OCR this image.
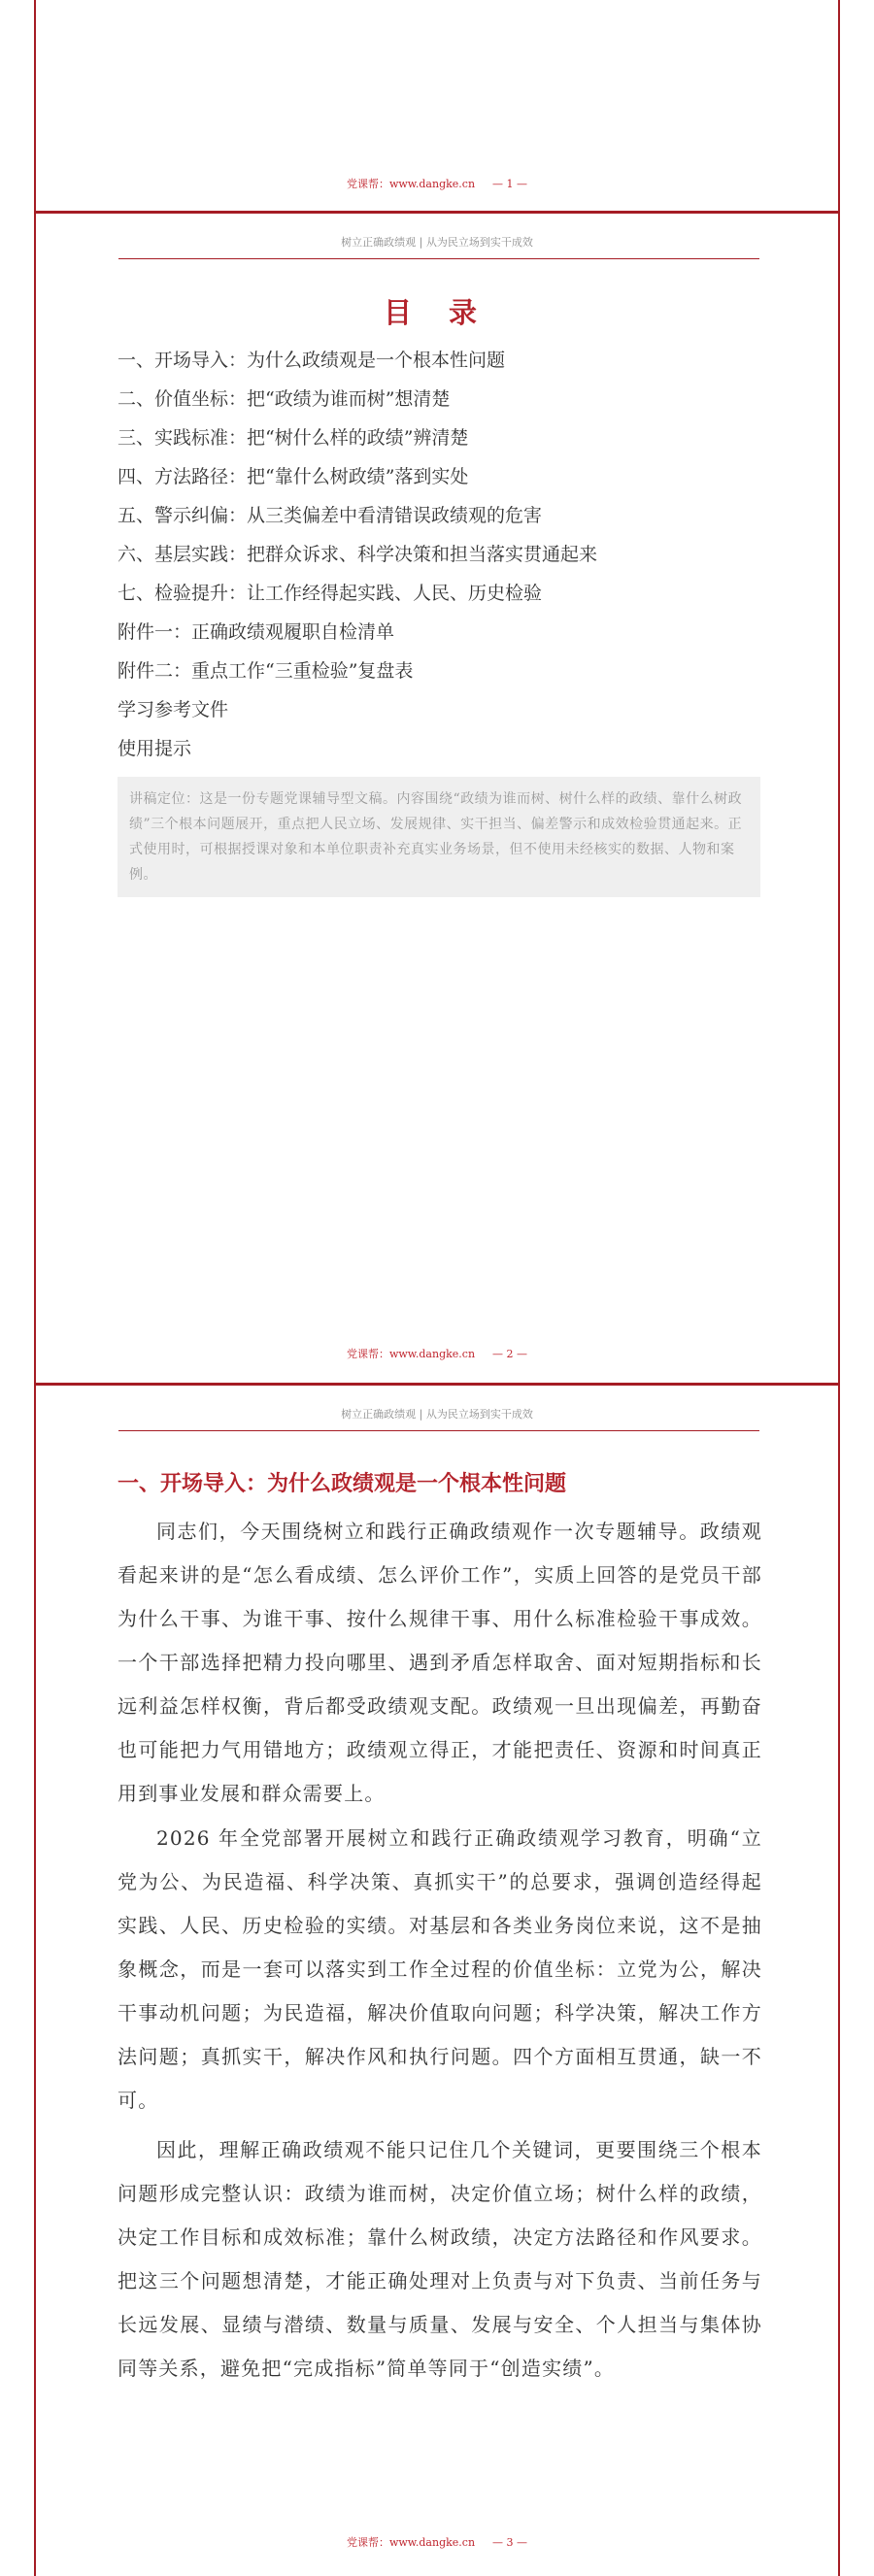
党课帮：www.dangke.cn — 1 —
树立正确政绩观 | 从为民立场到实干成效
目 录
一、开场导入：为什么政绩观是一个根本性问题
二、价值坐标：把“政绩为谁而树”想清楚
三、实践标准：把“树什么样的政绩”辨清楚
四、方法路径：把“靠什么树政绩”落到实处
五、警示纠偏：从三类偏差中看清错误政绩观的危害
六、基层实践：把群众诉求、科学决策和担当落实贯通起来
七、检验提升：让工作经得起实践、人民、历史检验
附件一：正确政绩观履职自检清单
附件二：重点工作“三重检验”复盘表
学习参考文件
使用提示
讲稿定位：这是一份专题党课辅导型文稿。内容围绕“政绩为谁而树、树什么样的政绩、靠什么树政绩”三个根本问题展开，重点把人民立场、发展规律、实干担当、偏差警示和成效检验贯通起来。正式使用时，可根据授课对象和本单位职责补充真实业务场景，但不使用未经核实的数据、人物和案例。
党课帮：www.dangke.cn — 2 —
树立正确政绩观 | 从为民立场到实干成效
一、开场导入：为什么政绩观是一个根本性问题
同志们，今天围绕树立和践行正确政绩观作一次专题辅导。政绩观看起来讲的是“怎么看成绩、怎么评价工作”，实质上回答的是党员干部为什么干事、为谁干事、按什么规律干事、用什么标准检验干事成效。一个干部选择把精力投向哪里、遇到矛盾怎样取舍、面对短期指标和长远利益怎样权衡，背后都受政绩观支配。政绩观一旦出现偏差，再勤奋也可能把力气用错地方；政绩观立得正，才能把责任、资源和时间真正用到事业发展和群众需要上。
2026 年全党部署开展树立和践行正确政绩观学习教育，明确“立党为公、为民造福、科学决策、真抓实干”的总要求，强调创造经得起实践、人民、历史检验的实绩。对基层和各类业务岗位来说，这不是抽象概念，而是一套可以落实到工作全过程的价值坐标：立党为公，解决干事动机问题；为民造福，解决价值取向问题；科学决策，解决工作方法问题；真抓实干，解决作风和执行问题。四个方面相互贯通，缺一不可。
因此，理解正确政绩观不能只记住几个关键词，更要围绕三个根本问题形成完整认识：政绩为谁而树，决定价值立场；树什么样的政绩，决定工作目标和成效标准；靠什么树政绩，决定方法路径和作风要求。把这三个问题想清楚，才能正确处理对上负责与对下负责、当前任务与长远发展、显绩与潜绩、数量与质量、发展与安全、个人担当与集体协同等关系，避免把“完成指标”简单等同于“创造实绩”。
党课帮：www.dangke.cn — 3 —
